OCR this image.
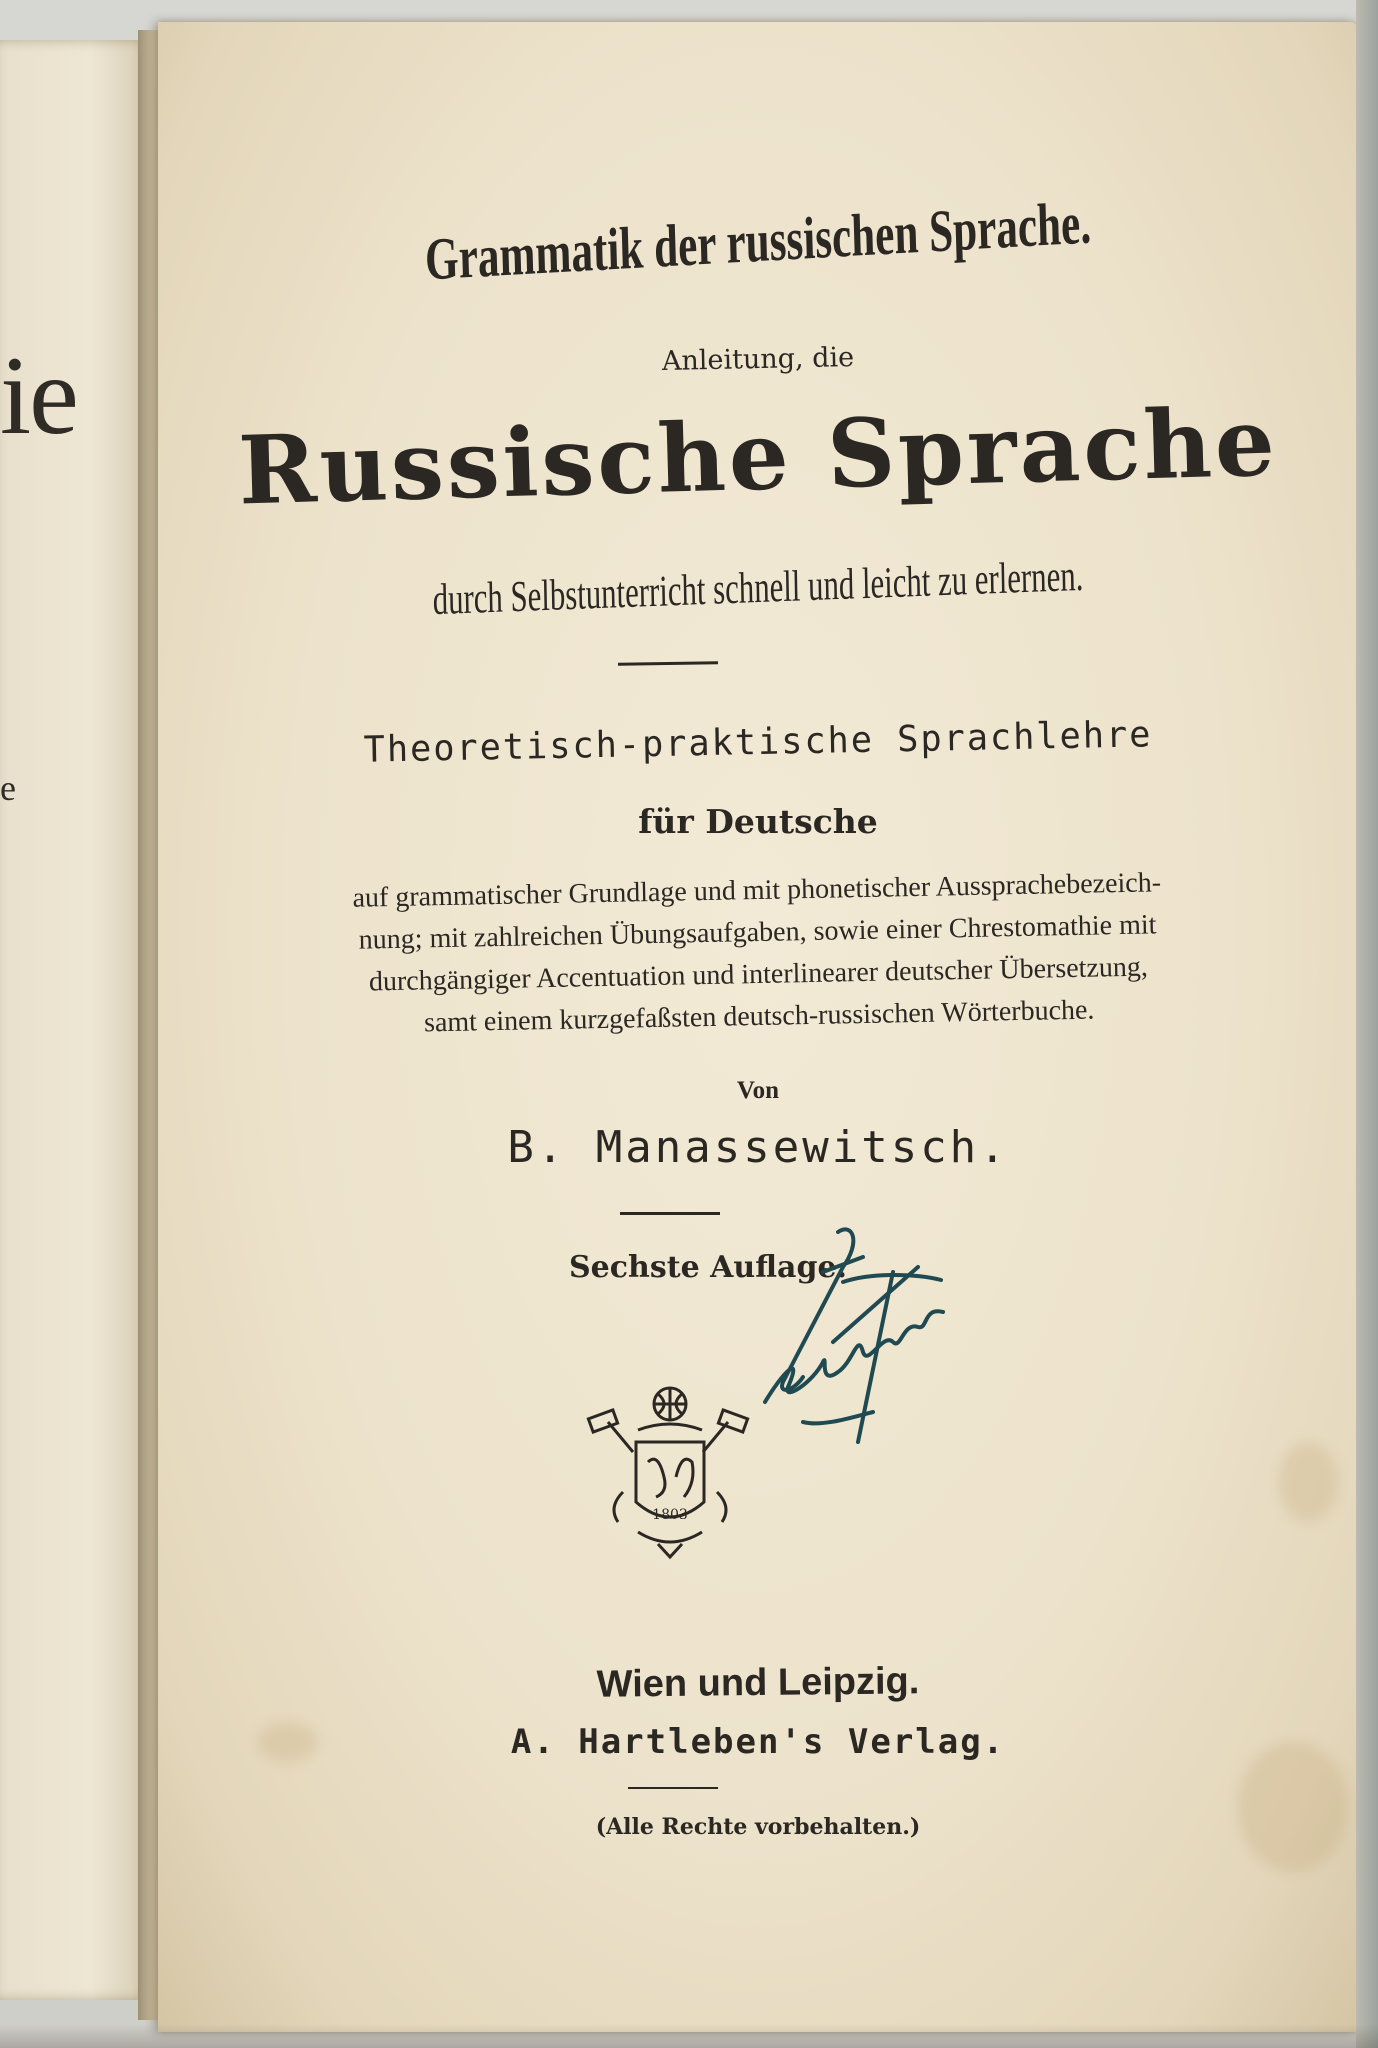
ie
e
Grammatik der russischen Sprache.
Anleitung, die
Russische Sprache
durch Selbstunterricht schnell und leicht zu erlernen.
Theoretisch-praktische Sprachlehre
für Deutsche
auf grammatischer Grundlage und mit phonetischer Aussprachebezeich-
nung; mit zahlreichen Übungsaufgaben, sowie einer Chrestomathie mit
durchgängiger Accentuation und interlinearer deutscher Übersetzung,
samt einem kurzgefaßsten deutsch-russischen Wörterbuche.
Von
B. Manassewitsch.
Sechste Auflage.
1803
Wien und Leipzig.
A. Hartleben's Verlag.
(Alle Rechte vorbehalten.)
